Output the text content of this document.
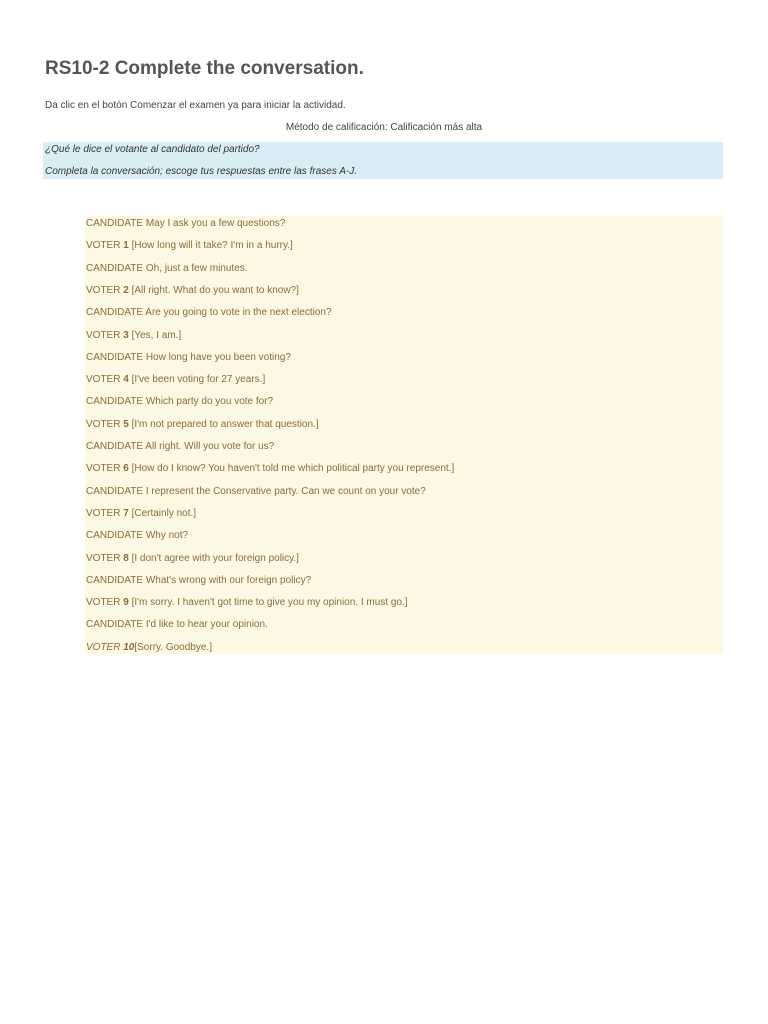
RS10-2 Complete the conversation.
Da clic en el botón Comenzar el examen ya para iniciar la actividad.
Método de calificación: Calificación más alta
¿Qué le dice el votante al candidato del partido?
Completa la conversación; escoge tus respuestas entre las frases A-J.
CANDIDATE May I ask you a few questions?
VOTER 1 [How long will it take? I'm in a hurry.]
CANDIDATE Oh, just a few minutes.
VOTER 2 [All right. What do you want to know?]
CANDIDATE Are you going to vote in the next election?
VOTER 3 [Yes, I am.]
CANDIDATE How long have you been voting?
VOTER 4 [I've been voting for 27 years.]
CANDIDATE Which party do you vote for?
VOTER 5 [I'm not prepared to answer that question.]
CANDIDATE All right. Will you vote for us?
VOTER 6 [How do I know? You haven't told me which political party you represent.]
CANDIDATE I represent the Conservative party. Can we count on your vote?
VOTER 7 [Certainly not.]
CANDIDATE Why not?
VOTER 8 [I don't agree with your foreign policy.]
CANDIDATE What's wrong with our foreign policy?
VOTER 9 [I'm sorry. I haven't got time to give you my opinion. I must go.]
CANDIDATE I'd like to hear your opinion.
VOTER 10[Sorry. Goodbye.]
